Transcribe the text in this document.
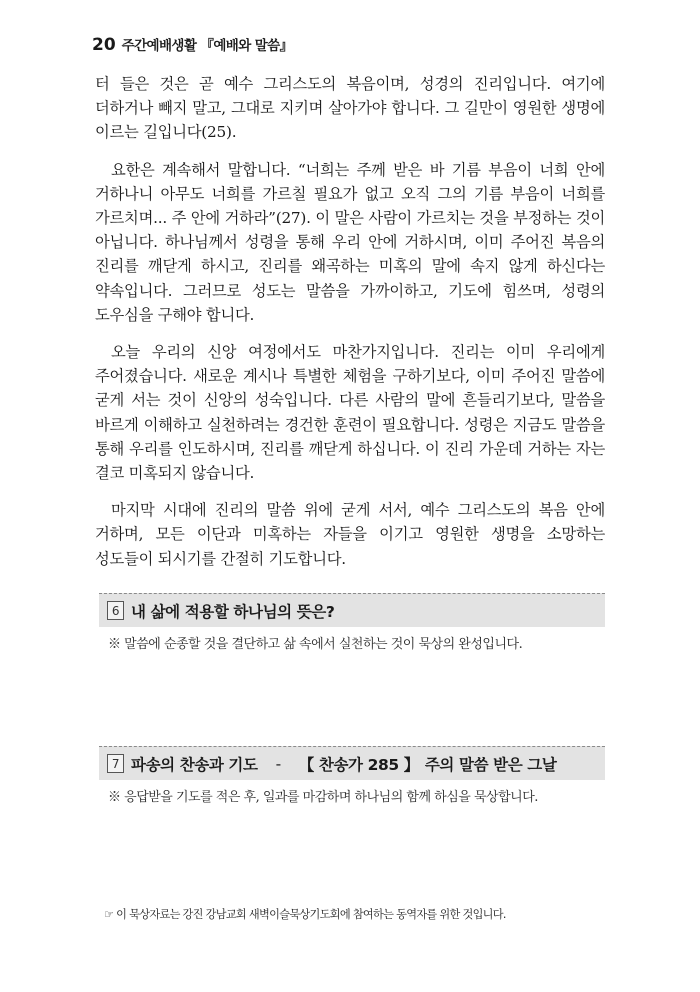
20 주간예배생활 『예배와 말씀』

터 들은 것은 곧 예수 그리스도의 복음이며, 성경의 진리입니다. 여기에 더하거나 빼지 말고, 그대로 지키며 살아가야 합니다. 그 길만이 영원한 생명에 이르는 길입니다(25).

요한은 계속해서 말합니다. “너희는 주께 받은 바 기름 부음이 너희 안에 거하나니 아무도 너희를 가르칠 필요가 없고 오직 그의 기름 부음이 너희를 가르치며... 주 안에 거하라”(27). 이 말은 사람이 가르치는 것을 부정하는 것이 아닙니다. 하나님께서 성령을 통해 우리 안에 거하시며, 이미 주어진 복음의 진리를 깨닫게 하시고, 진리를 왜곡하는 미혹의 말에 속지 않게 하신다는 약속입니다. 그러므로 성도는 말씀을 가까이하고, 기도에 힘쓰며, 성령의 도우심을 구해야 합니다.

오늘 우리의 신앙 여정에서도 마찬가지입니다. 진리는 이미 우리에게 주어졌습니다. 새로운 계시나 특별한 체험을 구하기보다, 이미 주어진 말씀에 굳게 서는 것이 신앙의 성숙입니다. 다른 사람의 말에 흔들리기보다, 말씀을 바르게 이해하고 실천하려는 경건한 훈련이 필요합니다. 성령은 지금도 말씀을 통해 우리를 인도하시며, 진리를 깨닫게 하십니다. 이 진리 가운데 거하는 자는 결코 미혹되지 않습니다.

마지막 시대에 진리의 말씀 위에 굳게 서서, 예수 그리스도의 복음 안에 거하며, 모든 이단과 미혹하는 자들을 이기고 영원한 생명을 소망하는 성도들이 되시기를 간절히 기도합니다.

6 내 삶에 적용할 하나님의 뜻은?
※ 말씀에 순종할 것을 결단하고 삶 속에서 실천하는 것이 묵상의 완성입니다.
7 파송의 찬송과 기도 - 【 찬송가 285 】 주의 말씀 받은 그날
※ 응답받을 기도를 적은 후, 일과를 마감하며 하나님의 함께 하심을 묵상합니다.
☞ 이 묵상자료는 강진 강남교회 새벽이슬묵상기도회에 참여하는 동역자를 위한 것입니다.
